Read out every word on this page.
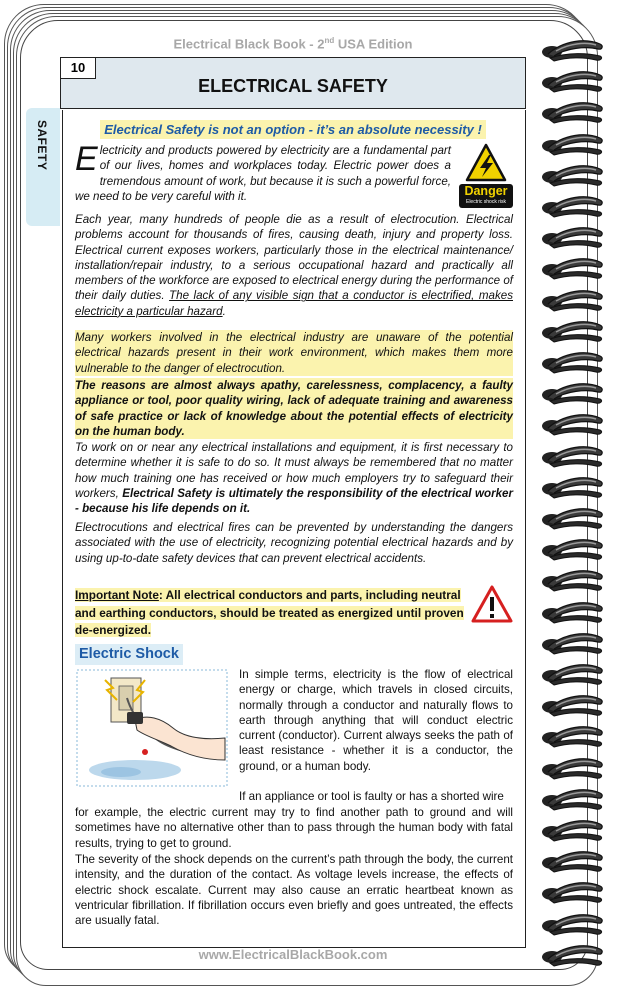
Electrical Black Book - 2nd USA Edition
10
ELECTRICAL SAFETY
SAFETY	Electrical Safety is not an option - it’s an absolute necessity !
Electricity and products powered by electricity are a fundamental part of our lives, homes and workplaces today. Electric power does a tremendous amount of work, but because it is such a powerful force, we need to be very careful with it.	Danger
Electric shock risk
Each year, many hundreds of people die as a result of electrocution. Electrical problems account for thousands of fires, causing death, injury and property loss. Electrical current exposes workers, particularly those in the electrical maintenance/ installation/repair industry, to a serious occupational hazard and practically all members of the workforce are exposed to electrical energy during the performance of their daily duties. The lack of any visible sign that a conductor is electrified, makes electricity a particular hazard.
Many workers involved in the electrical industry are unaware of the potential electrical hazards present in their work environment, which makes them more vulnerable to the danger of electrocution.
The reasons are almost always apathy, carelessness, complacency, a faulty appliance or tool, poor quality wiring, lack of adequate training and awareness of safe practice or lack of knowledge about the potential effects of electricity on the human body.
To work on or near any electrical installations and equipment, it is first necessary to determine whether it is safe to do so. It must always be remembered that no matter how much training one has received or how much employers try to safeguard their workers, Electrical Safety is ultimately the responsibility of the electrical worker - because his life depends on it.
Electrocutions and electrical fires can be prevented by understanding the dangers associated with the use of electricity, recognizing potential electrical hazards and by using up-to-date safety devices that can prevent electrical accidents.
Important Note: All electrical conductors and parts, including neutral and earthing conductors, should be treated as energized until proven de-energized.
Electric Shock
In simple terms, electricity is the flow of electrical energy or charge, which travels in closed circuits, normally through a conductor and naturally flows to earth through anything that will conduct electric current (conductor). Current always seeks the path of least resistance - whether it is a conductor, the ground, or a human body.
If an appliance or tool is faulty or has a shorted wire
for example, the electric current may try to find another path to ground and will sometimes have no alternative other than to pass through the human body with fatal results, trying to get to ground.
The severity of the shock depends on the current’s path through the body, the current intensity, and the duration of the contact. As voltage levels increase, the effects of electric shock escalate. Current may also cause an erratic heartbeat known as ventricular fibrillation. If fibrillation occurs even briefly and goes untreated, the effects are usually fatal.
www.ElectricalBlackBook.com
